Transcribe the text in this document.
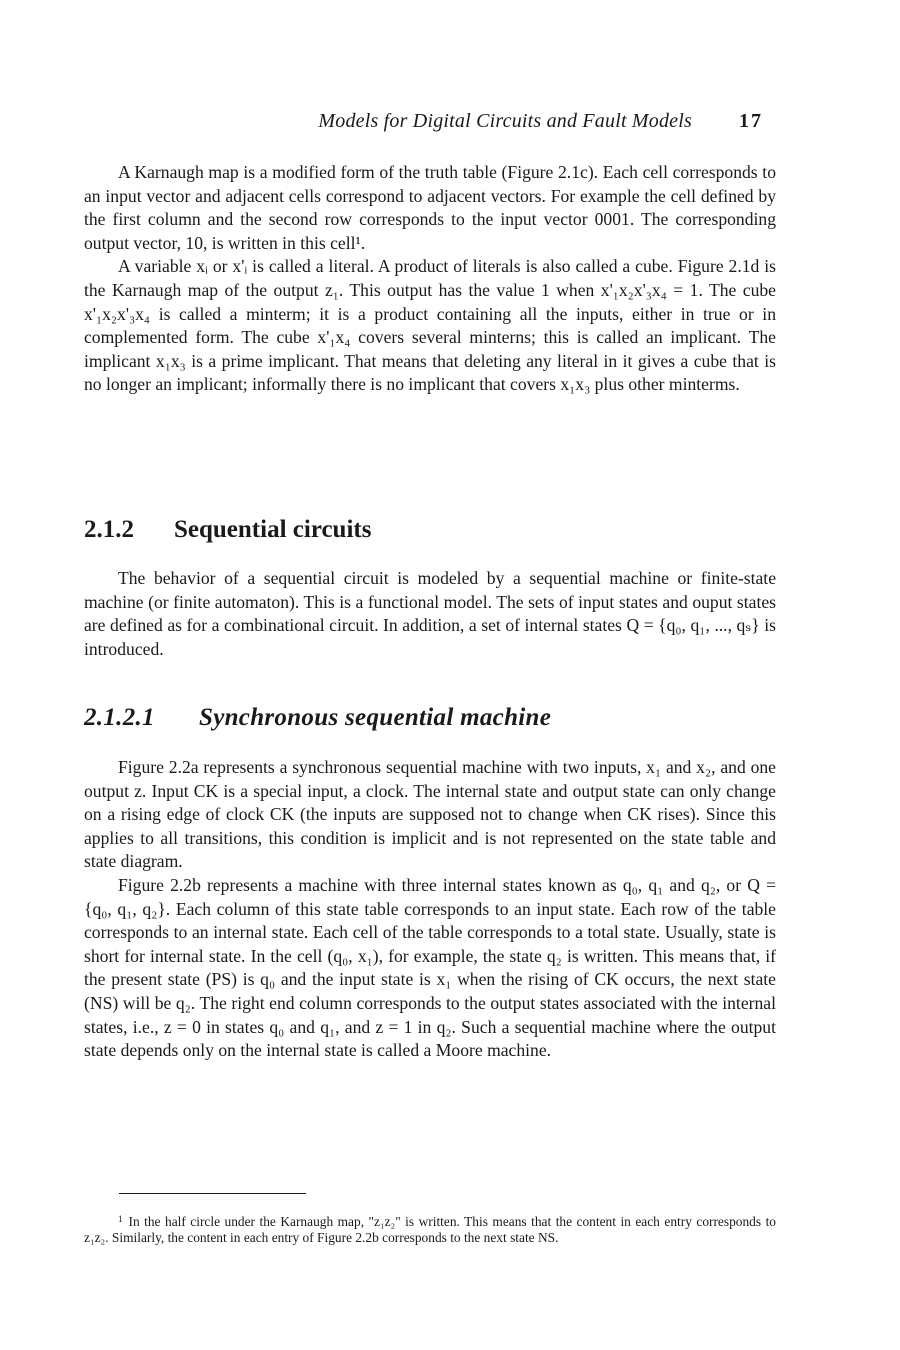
Models for Digital Circuits and Fault Models 17

A Karnaugh map is a modified form of the truth table (Figure 2.1c). Each cell corresponds to an input vector and adjacent cells correspond to adjacent vectors. For example the cell defined by the first column and the second row corresponds to the input vector 0001. The corresponding output vector, 10, is written in this cell¹.

A variable xᵢ or x'ᵢ is called a literal. A product of literals is also called a cube. Figure 2.1d is the Karnaugh map of the output z₁. This output has the value 1 when x'₁x₂x'₃x₄ = 1. The cube x'₁x₂x'₃x₄ is called a minterm; it is a product containing all the inputs, either in true or in complemented form. The cube x'₁x₄ covers several minterns; this is called an implicant. The implicant x₁x₃ is a prime implicant. That means that deleting any literal in it gives a cube that is no longer an implicant; informally there is no implicant that covers x₁x₃ plus other minterms.

2.1.2 Sequential circuits

The behavior of a sequential circuit is modeled by a sequential machine or finite-state machine (or finite automaton). This is a functional model. The sets of input states and ouput states are defined as for a combinational circuit. In addition, a set of internal states Q = {q₀, q₁, ..., qₛ} is introduced.

2.1.2.1 Synchronous sequential machine

Figure 2.2a represents a synchronous sequential machine with two inputs, x₁ and x₂, and one output z. Input CK is a special input, a clock. The internal state and output state can only change on a rising edge of clock CK (the inputs are supposed not to change when CK rises). Since this applies to all transitions, this condition is implicit and is not represented on the state table and state diagram.

Figure 2.2b represents a machine with three internal states known as q₀, q₁ and q₂, or Q = {q₀, q₁, q₂}. Each column of this state table corresponds to an input state. Each row of the table corresponds to an internal state. Each cell of the table corresponds to a total state. Usually, state is short for internal state. In the cell (q₀, x₁), for example, the state q₂ is written. This means that, if the present state (PS) is q₀ and the input state is x₁ when the rising of CK occurs, the next state (NS) will be q₂. The right end column corresponds to the output states associated with the internal states, i.e., z = 0 in states q₀ and q₁, and z = 1 in q₂. Such a sequential machine where the output state depends only on the internal state is called a Moore machine.

$^1$ In the half circle under the Karnaugh map, "z₁z₂" is written. This means that the content in each entry corresponds to z₁z₂. Similarly, the content in each entry of Figure 2.2b corresponds to the next state NS.
